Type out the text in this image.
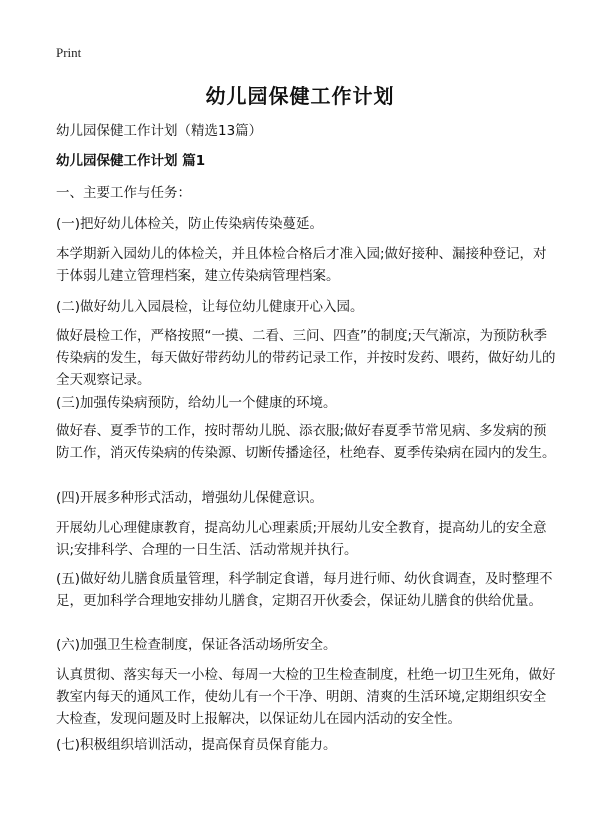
Print
幼儿园保健工作计划

幼儿园保健工作计划（精选13篇）

幼儿园保健工作计划 篇1

一、主要工作与任务：

(一)把好幼儿体检关，防止传染病传染蔓延。

本学期新入园幼儿的体检关，并且体检合格后才准入园;做好接种、漏接种登记，对于体弱儿建立管理档案，建立传染病管理档案。

(二)做好幼儿入园晨检，让每位幼儿健康开心入园。

做好晨检工作，严格按照“一摸、二看、三问、四查”的制度;天气渐凉，为预防秋季传染病的发生，每天做好带药幼儿的带药记录工作，并按时发药、喂药，做好幼儿的全天观察记录。

(三)加强传染病预防，给幼儿一个健康的环境。

做好春、夏季节的工作，按时帮幼儿脱、添衣服;做好春夏季节常见病、多发病的预防工作，消灭传染病的传染源、切断传播途径，杜绝春、夏季传染病在园内的发生。

(四)开展多种形式活动，增强幼儿保健意识。

开展幼儿心理健康教育，提高幼儿心理素质;开展幼儿安全教育，提高幼儿的安全意识;安排科学、合理的一日生活、活动常规并执行。

(五)做好幼儿膳食质量管理，科学制定食谱，每月进行师、幼伙食调查，及时整理不足，更加科学合理地安排幼儿膳食，定期召开伙委会，保证幼儿膳食的供给优量。

(六)加强卫生检查制度，保证各活动场所安全。

认真贯彻、落实每天一小检、每周一大检的卫生检查制度，杜绝一切卫生死角，做好教室内每天的通风工作，使幼儿有一个干净、明朗、清爽的生活环境,定期组织安全大检查，发现问题及时上报解决，以保证幼儿在园内活动的安全性。

(七)积极组织培训活动，提高保育员保育能力。
